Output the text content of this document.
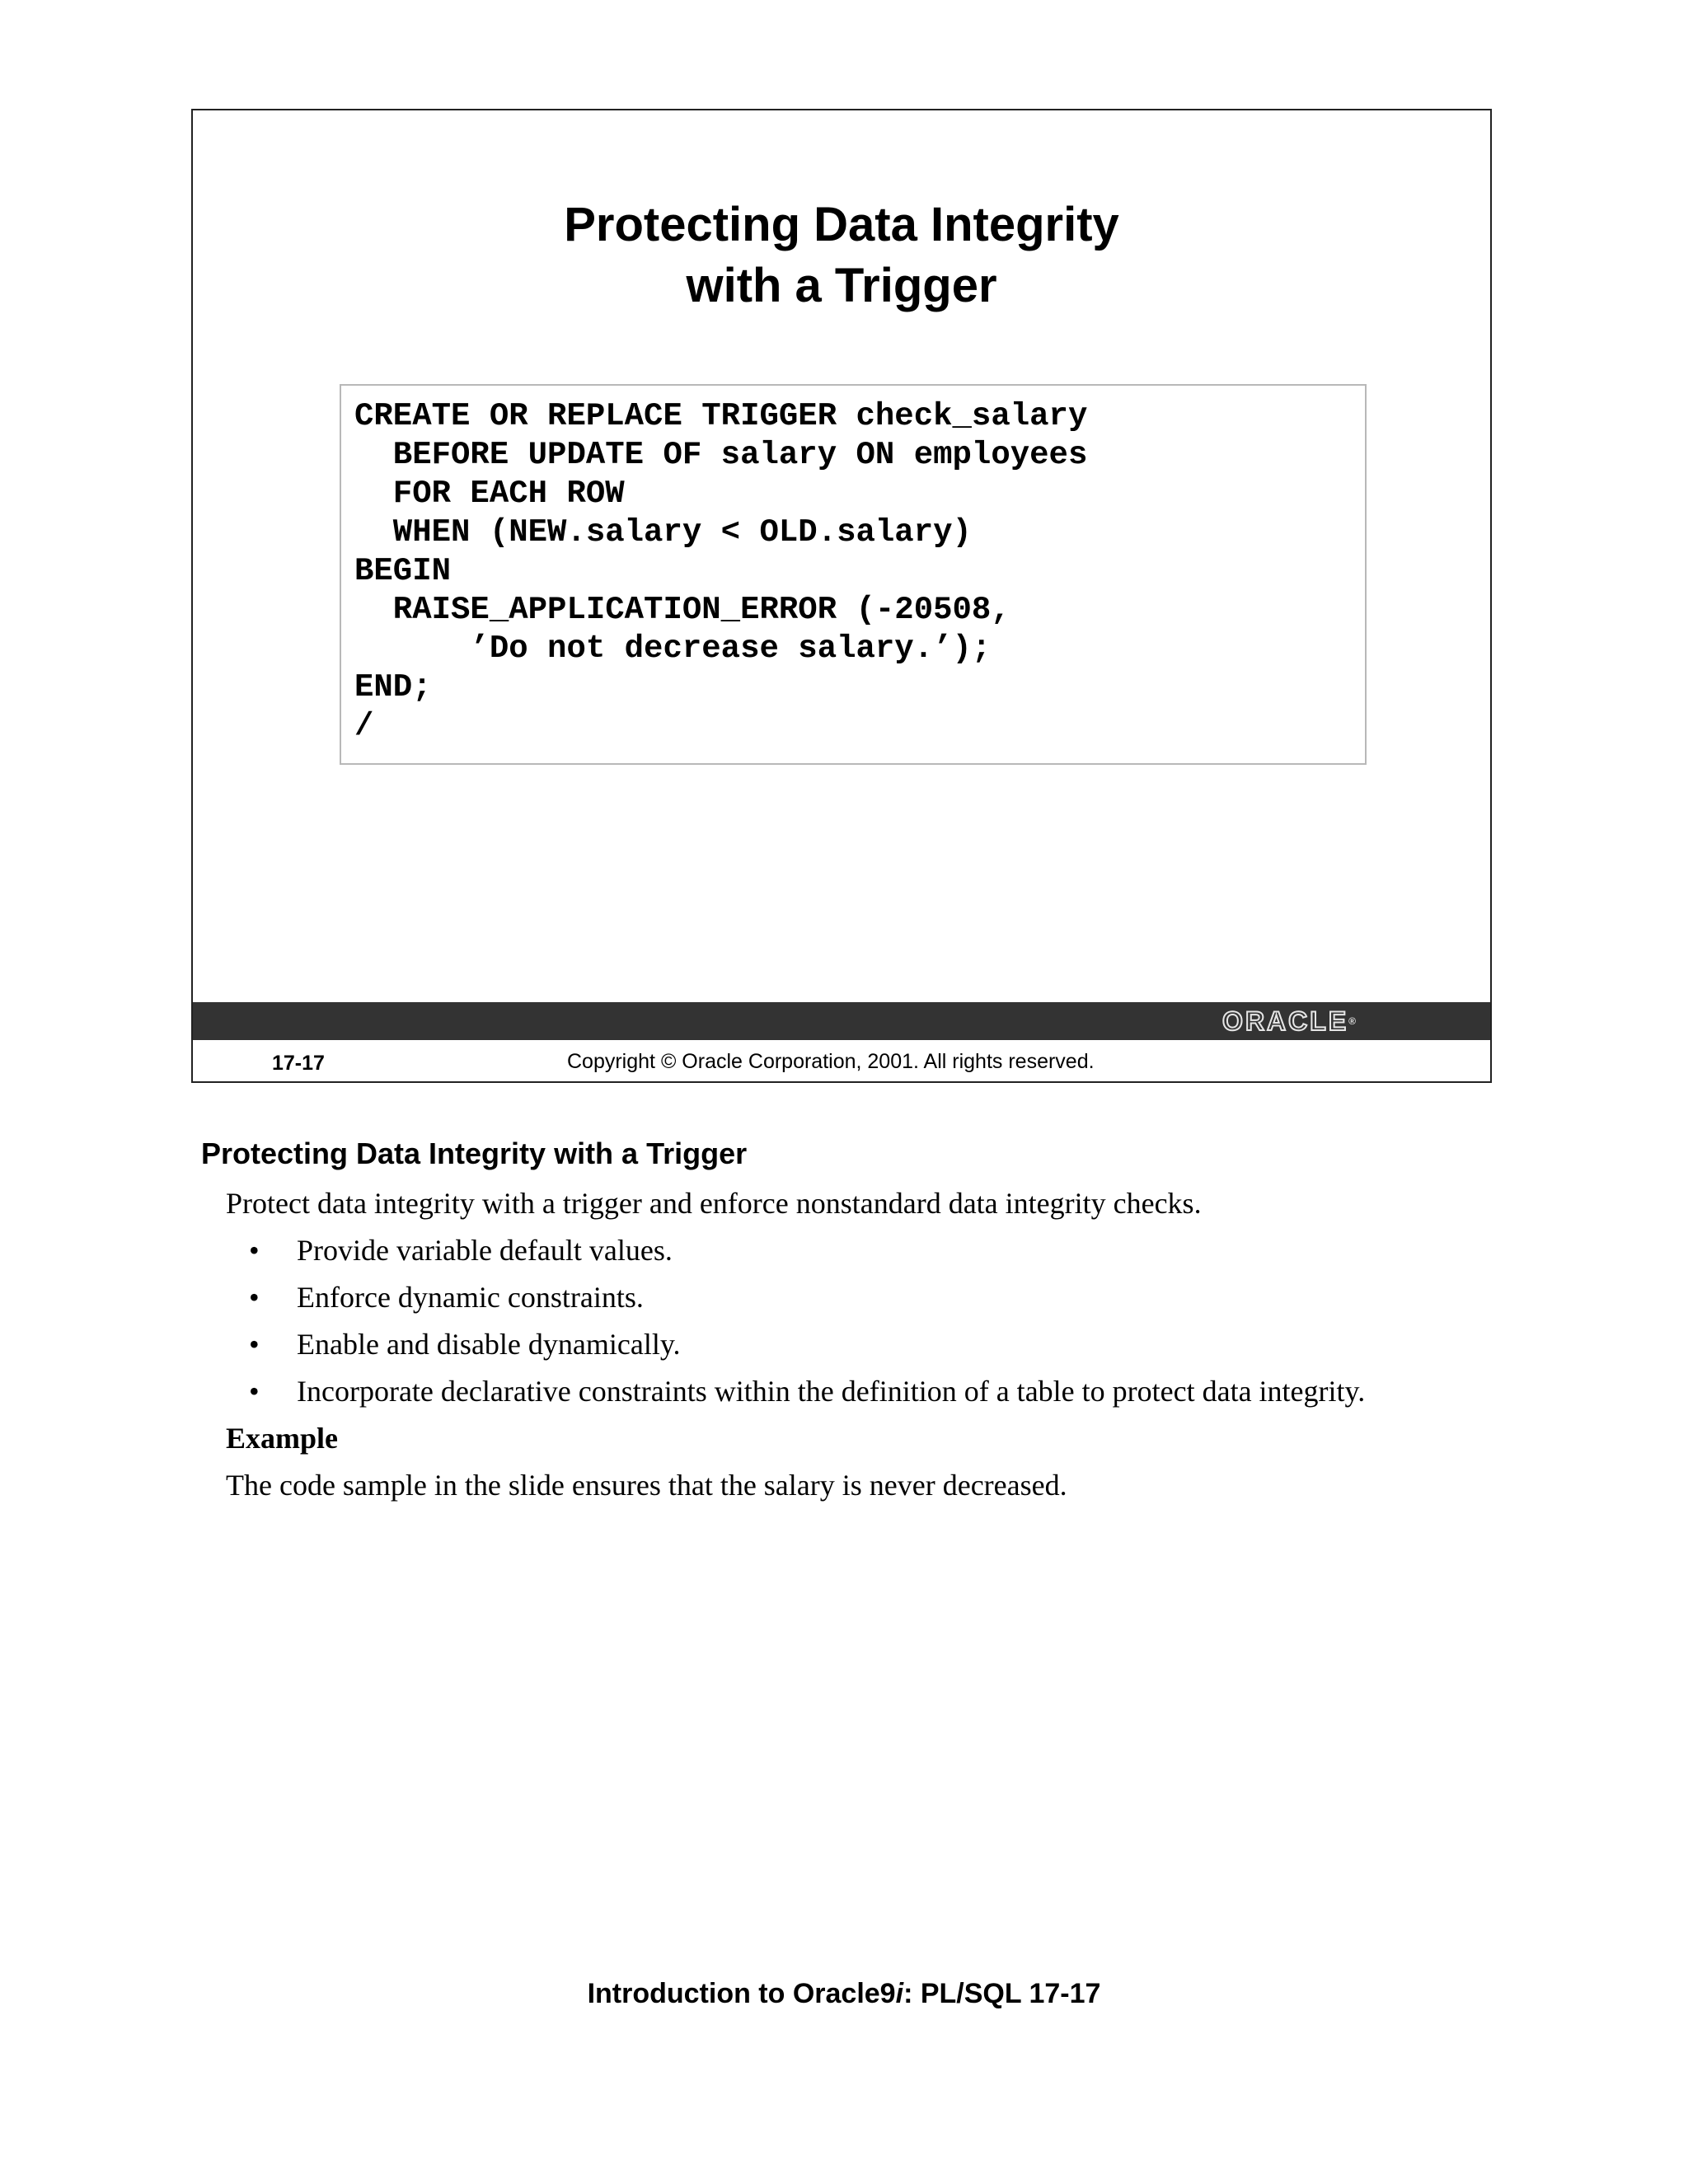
Protecting Data Integrity
with a Trigger
CREATE OR REPLACE TRIGGER check_salary
BEFORE UPDATE OF salary ON employees
FOR EACH ROW
WHEN (NEW.salary < OLD.salary)
BEGIN
RAISE_APPLICATION_ERROR (-20508,
’Do not decrease salary.’);
END;
/
ORACLE®
17-17	Copyright © Oracle Corporation, 2001. All rights reserved.
Protecting Data Integrity with a Trigger
Protect data integrity with a trigger and enforce nonstandard data integrity checks.
• Provide variable default values.
• Enforce dynamic constraints.
• Enable and disable dynamically.
• Incorporate declarative constraints within the definition of a table to protect data integrity.
Example
The code sample in the slide ensures that the salary is never decreased.
Introduction to Oracle9i: PL/SQL 17-17
